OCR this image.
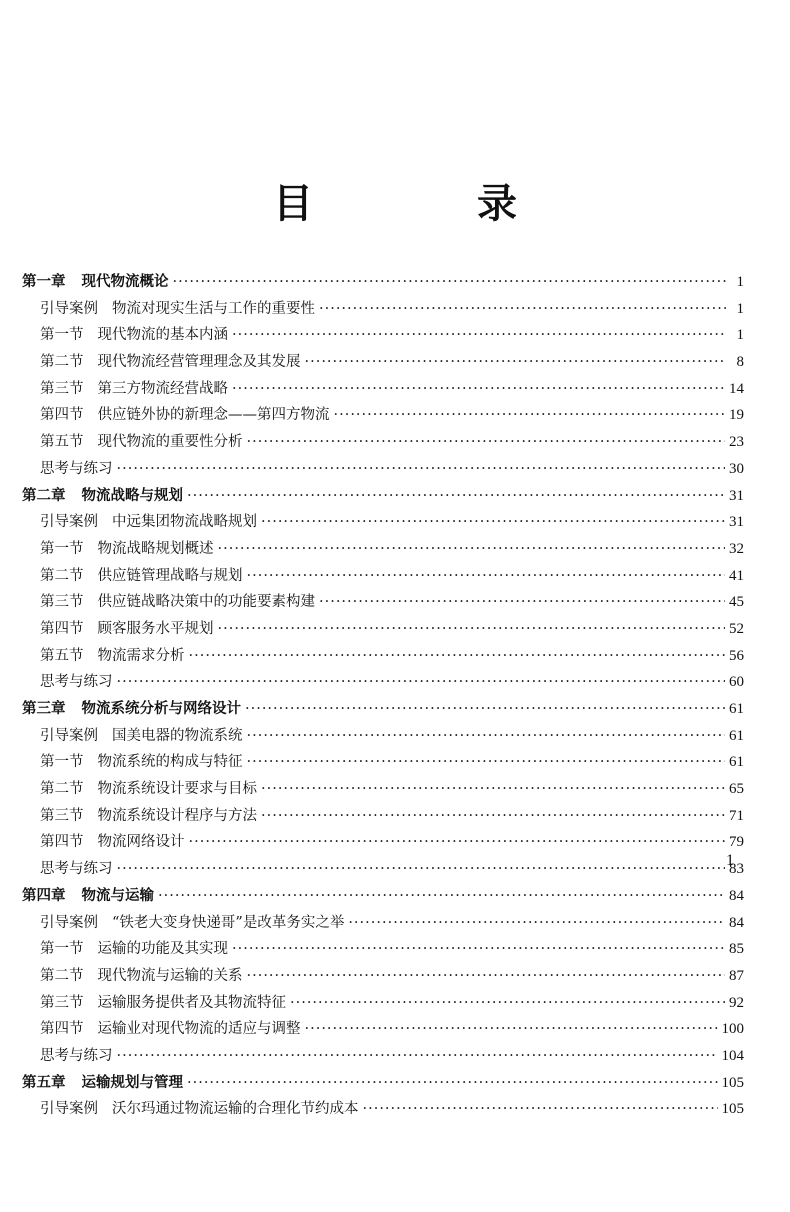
目　录
第一章 现代物流概论 ·····	1
引导案例 物流对现实生活与工作的重要性 ·····	1
第一节 现代物流的基本内涵 ·····	1
第二节 现代物流经营管理理念及其发展 ·····	8
第三节 第三方物流经营战略 ·····	14
第四节 供应链外协的新理念——第四方物流 ·····	19
第五节 现代物流的重要性分析 ·····	23
思考与练习 ·····	30
第二章 物流战略与规划 ·····	31
引导案例 中远集团物流战略规划 ·····	31
第一节 物流战略规划概述 ·····	32
第二节 供应链管理战略与规划 ·····	41
第三节 供应链战略决策中的功能要素构建 ·····	45
第四节 顾客服务水平规划 ·····	52
第五节 物流需求分析 ·····	56
思考与练习 ·····	60
第三章 物流系统分析与网络设计 ·····	61
引导案例 国美电器的物流系统 ·····	61
第一节 物流系统的构成与特征 ·····	61
第二节 物流系统设计要求与目标 ·····	65
第三节 物流系统设计程序与方法 ·····	71
第四节 物流网络设计 ·····	79
思考与练习 ·····	83
第四章 物流与运输 ·····	84
引导案例 “铁老大变身快递哥”是改革务实之举 ·····	84
第一节 运输的功能及其实现 ·····	85
第二节 现代物流与运输的关系 ·····	87
第三节 运输服务提供者及其物流特征 ·····	92
第四节 运输业对现代物流的适应与调整 ·····	100
思考与练习 ·····	104
第五章 运输规划与管理 ·····	105
引导案例 沃尔玛通过物流运输的合理化节约成本 ·····	105
1
